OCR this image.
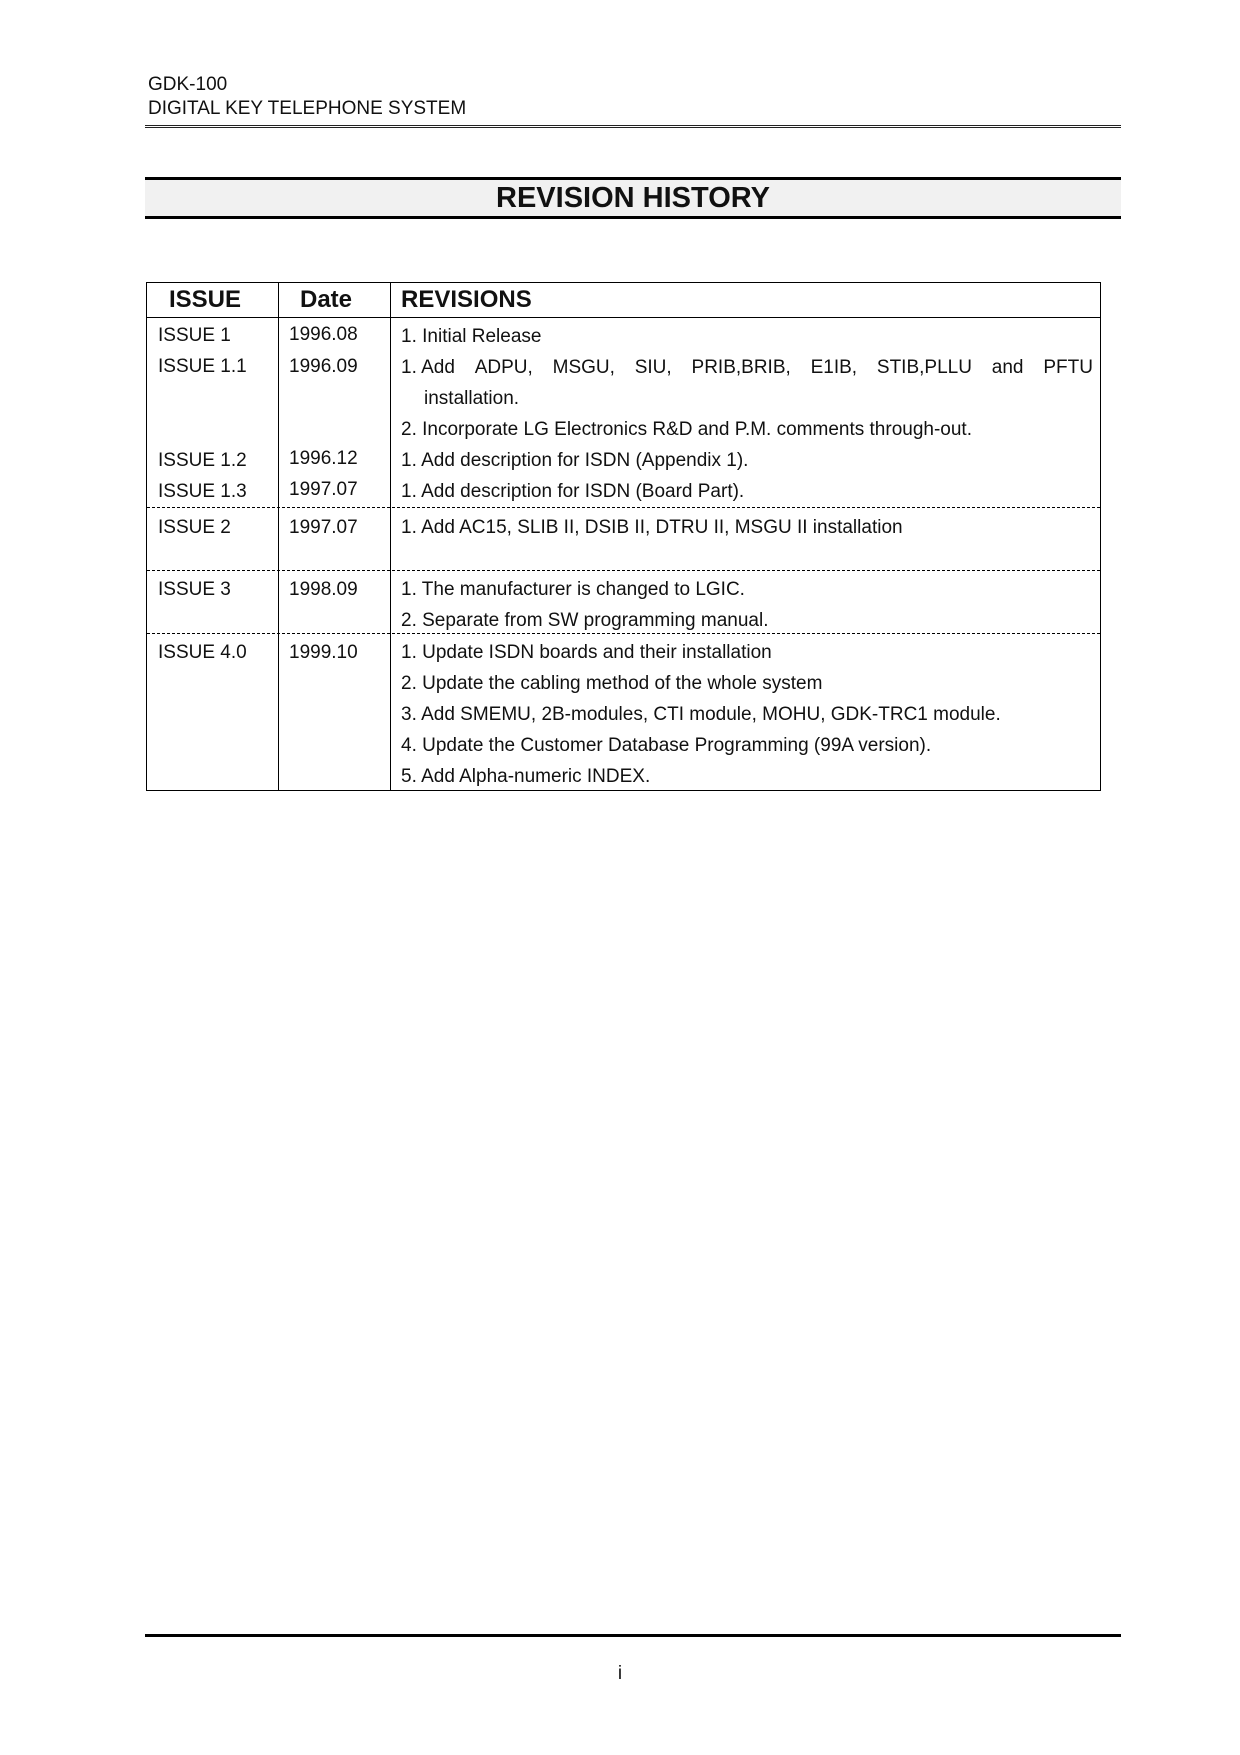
GDK-100
DIGITAL KEY TELEPHONE SYSTEM
REVISION HISTORY
ISSUE Date REVISIONS
ISSUE 1	1996.08 1. Initial Release
ISSUE 1.1 1996.09 1. Add ADPU, MSGU, SIU, PRIB,BRIB, E1IB, STIB,PLLU and PFTU
installation.
2. Incorporate LG Electronics R&D and P.M. comments through-out.
ISSUE 1.2 1996.12 1. Add description for ISDN (Appendix 1).
ISSUE 1.3 1997.07 1. Add description for ISDN (Board Part).
ISSUE 2	1997.07 1. Add AC15, SLIB II, DSIB II, DTRU II, MSGU II installation
ISSUE 3	1998.09 1. The manufacturer is changed to LGIC.
2. Separate from SW programming manual.
ISSUE 4.0 1999.10 1. Update ISDN boards and their installation
2. Update the cabling method of the whole system
3. Add SMEMU, 2B-modules, CTI module, MOHU, GDK-TRC1 module.
4. Update the Customer Database Programming (99A version).
5. Add Alpha-numeric INDEX.
i
